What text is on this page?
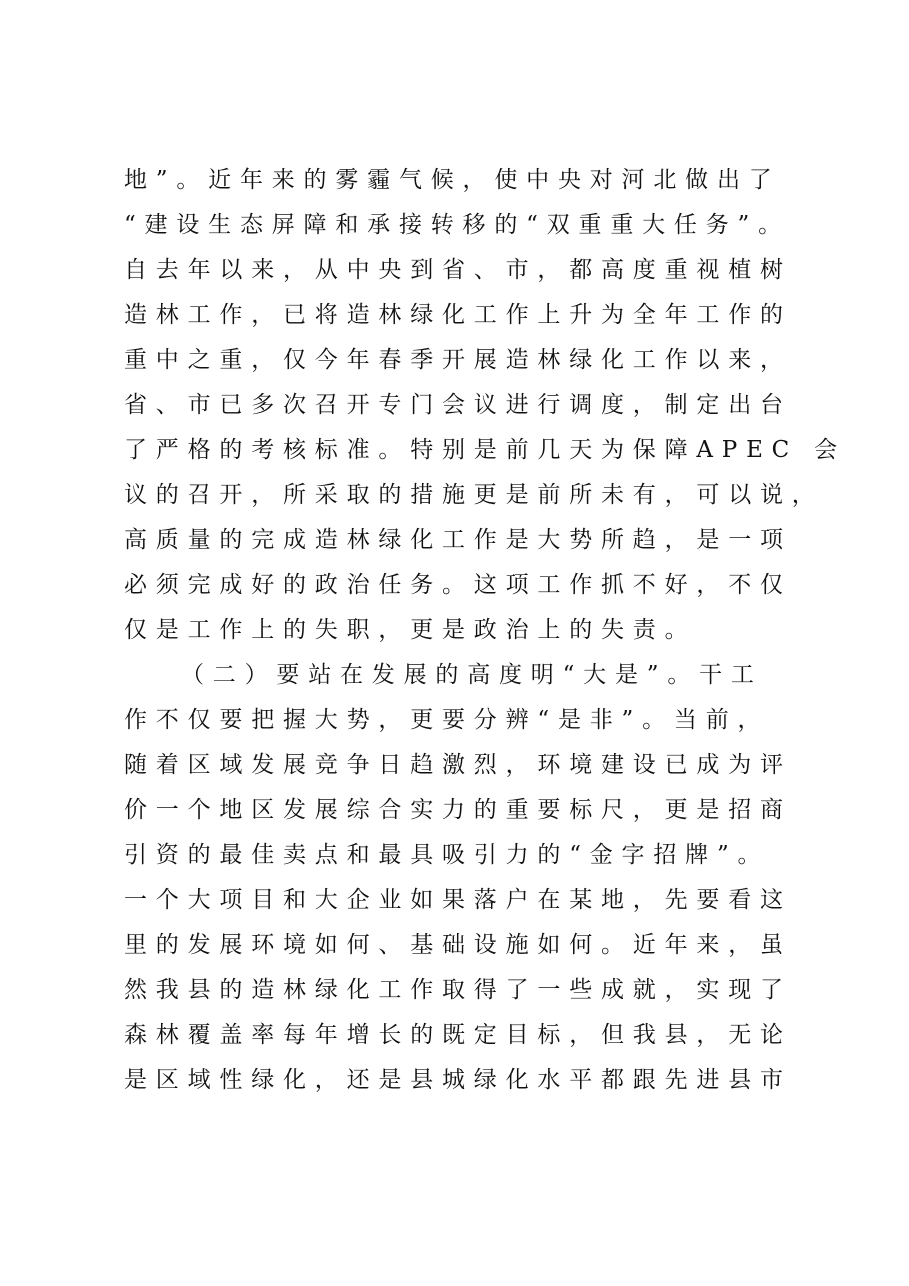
地”。近年来的雾霾气候，使中央对河北做出了
“建设生态屏障和承接转移的“双重重大任务”。
自去年以来，从中央到省、市，都高度重视植树
造林工作，已将造林绿化工作上升为全年工作的
重中之重，仅今年春季开展造林绿化工作以来，
省、市已多次召开专门会议进行调度，制定出台
了严格的考核标准。特别是前几天为保障APEC 会
议的召开，所采取的措施更是前所未有，可以说，
高质量的完成造林绿化工作是大势所趋，是一项
必须完成好的政治任务。这项工作抓不好，不仅
仅是工作上的失职，更是政治上的失责。
（二）要站在发展的高度明“大是”。干工
作不仅要把握大势，更要分辨“是非”。当前，
随着区域发展竞争日趋激烈，环境建设已成为评
价一个地区发展综合实力的重要标尺，更是招商
引资的最佳卖点和最具吸引力的“金字招牌”。
一个大项目和大企业如果落户在某地，先要看这
里的发展环境如何、基础设施如何。近年来，虽
然我县的造林绿化工作取得了一些成就，实现了
森林覆盖率每年增长的既定目标，但我县，无论
是区域性绿化，还是县城绿化水平都跟先进县市
